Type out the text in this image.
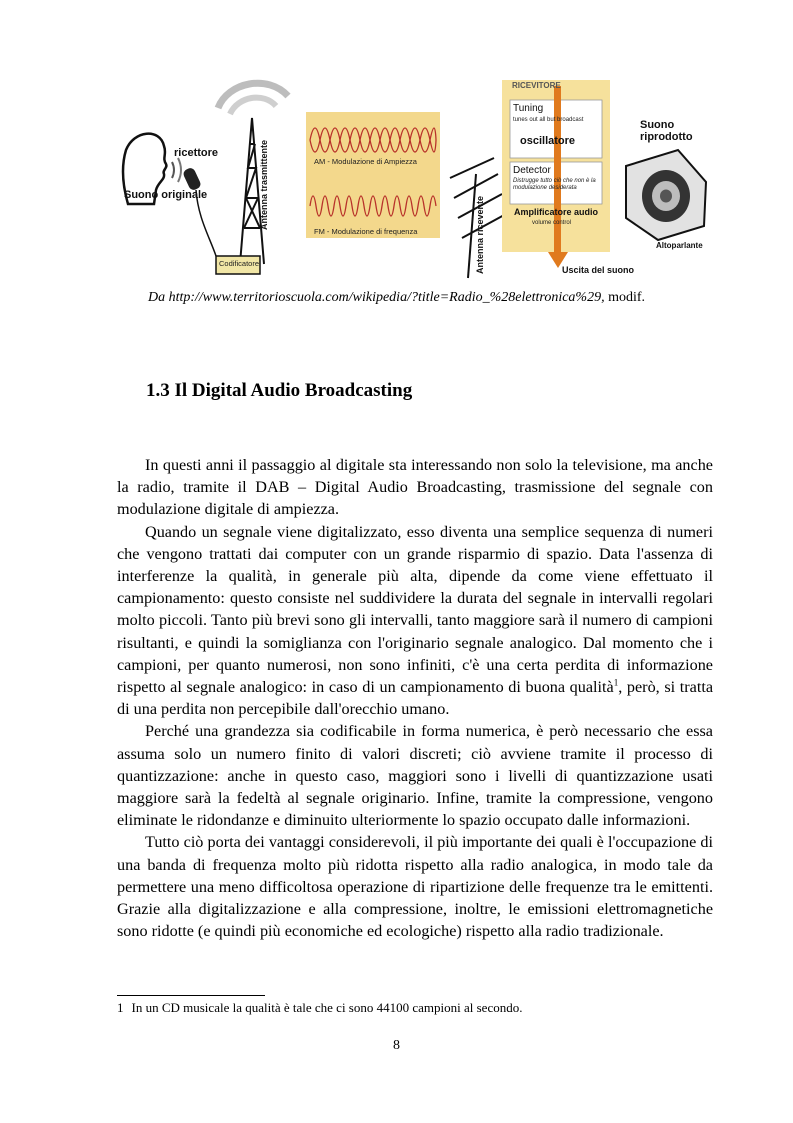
Suono originale
ricettore	Antenna trasmittente
Codificatore
AM - Modulazione di Ampiezza
FM - Modulazione di frequenza	Antenna ricevente
RICEVITORE
Tuning
tunes out all but broadcast
oscillatore
Detector
Distrugge tutto ciò che non è la modulazione desiderata
Amplificatore audio
volume control
Uscita del suono
Suono riprodotto
Altoparlante
Da http://www.territorioscuola.com/wikipedia/?title=Radio_%28elettronica%29, modif.
1.3 Il Digital Audio Broadcasting

In questi anni il passaggio al digitale sta interessando non solo la televisione, ma anche la radio, tramite il DAB – Digital Audio Broadcasting, trasmissione del segnale con modulazione digitale di ampiezza.

Quando un segnale viene digitalizzato, esso diventa una semplice sequenza di numeri che vengono trattati dai computer con un grande risparmio di spazio. Data l'assenza di interferenze la qualità, in generale più alta, dipende da come viene effettuato il campionamento: questo consiste nel suddividere la durata del segnale in intervalli regolari molto piccoli. Tanto più brevi sono gli intervalli, tanto maggiore sarà il numero di campioni risultanti, e quindi la somiglianza con l'originario segnale analogico. Dal momento che i campioni, per quanto numerosi, non sono infiniti, c'è una certa perdita di informazione rispetto al segnale analogico: in caso di un campionamento di buona qualità$^1$, però, si tratta di una perdita non percepibile dall'orecchio umano.

Perché una grandezza sia codificabile in forma numerica, è però necessario che essa assuma solo un numero finito di valori discreti; ciò avviene tramite il processo di quantizzazione: anche in questo caso, maggiori sono i livelli di quantizzazione usati maggiore sarà la fedeltà al segnale originario. Infine, tramite la compressione, vengono eliminate le ridondanze e diminuito ulteriormente lo spazio occupato dalle informazioni.

Tutto ciò porta dei vantaggi considerevoli, il più importante dei quali è l'occupazione di una banda di frequenza molto più ridotta rispetto alla radio analogica, in modo tale da permettere una meno difficoltosa operazione di ripartizione delle frequenze tra le emittenti. Grazie alla digitalizzazione e alla compressione, inoltre, le emissioni elettromagnetiche sono ridotte (e quindi più economiche ed ecologiche) rispetto alla radio tradizionale.

1 In un CD musicale la qualità è tale che ci sono 44100 campioni al secondo.
8
